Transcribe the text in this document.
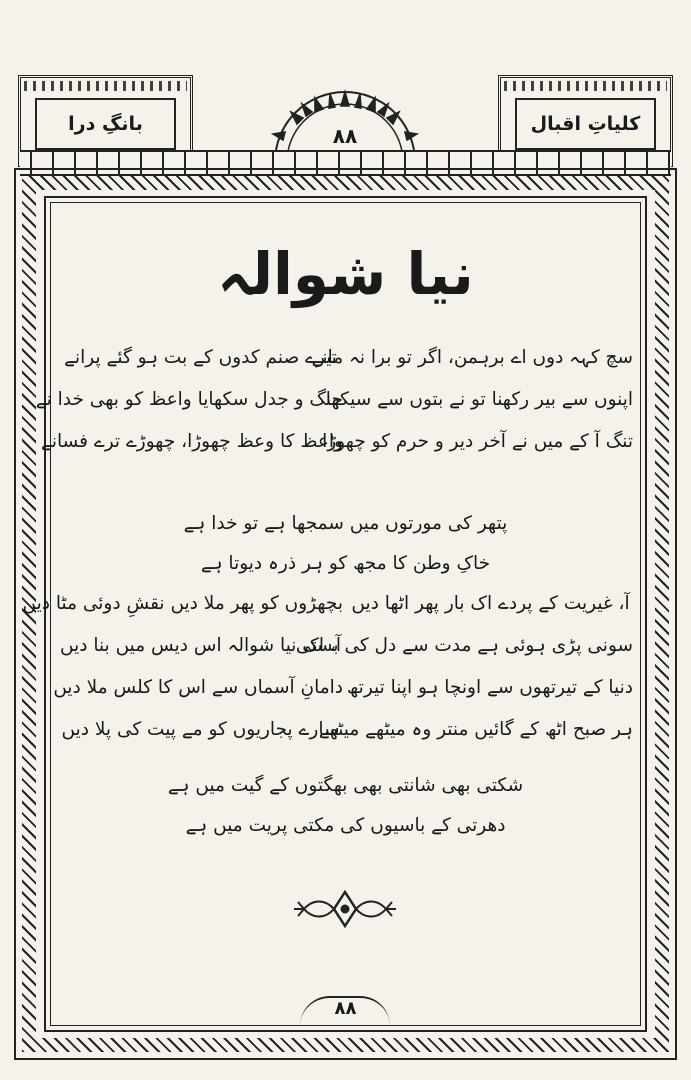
بانگِ درا	کلیاتِ اقبال
۸۸
نیا شوالہ
سچ کہہ دوں اے برہمن، اگر تو برا نہ مانے
تیرے صنم کدوں کے بت ہو گئے پرانے
اپنوں سے بیر رکھنا تو نے بتوں سے سیکھا
جنگ و جدل سکھایا واعظ کو بھی خدا نے
تنگ آ کے میں نے آخر دیر و حرم کو چھوڑا
واعظ کا وعظ چھوڑا، چھوڑے ترے فسانے
پتھر کی مورتوں میں سمجھا ہے تو خدا ہے
خاکِ وطن کا مجھ کو ہر ذرہ دیوتا ہے
آ، غیریت کے پردے اک بار پھر اٹھا دیں
بچھڑوں کو پھر ملا دیں نقشِ دوئی مٹا دیں
سونی پڑی ہوئی ہے مدت سے دل کی بستی
آ، اک نیا شوالہ اس دیس میں بنا دیں
دنیا کے تیرتھوں سے اونچا ہو اپنا تیرتھ
دامانِ آسماں سے اس کا کلس ملا دیں
ہر صبح اٹھ کے گائیں منتر وہ میٹھے میٹھے
سارے پجاریوں کو مے پیت کی پلا دیں
شکتی بھی شانتی بھی بھگتوں کے گیت میں ہے
دھرتی کے باسیوں کی مکتی پریت میں ہے
۸۸
